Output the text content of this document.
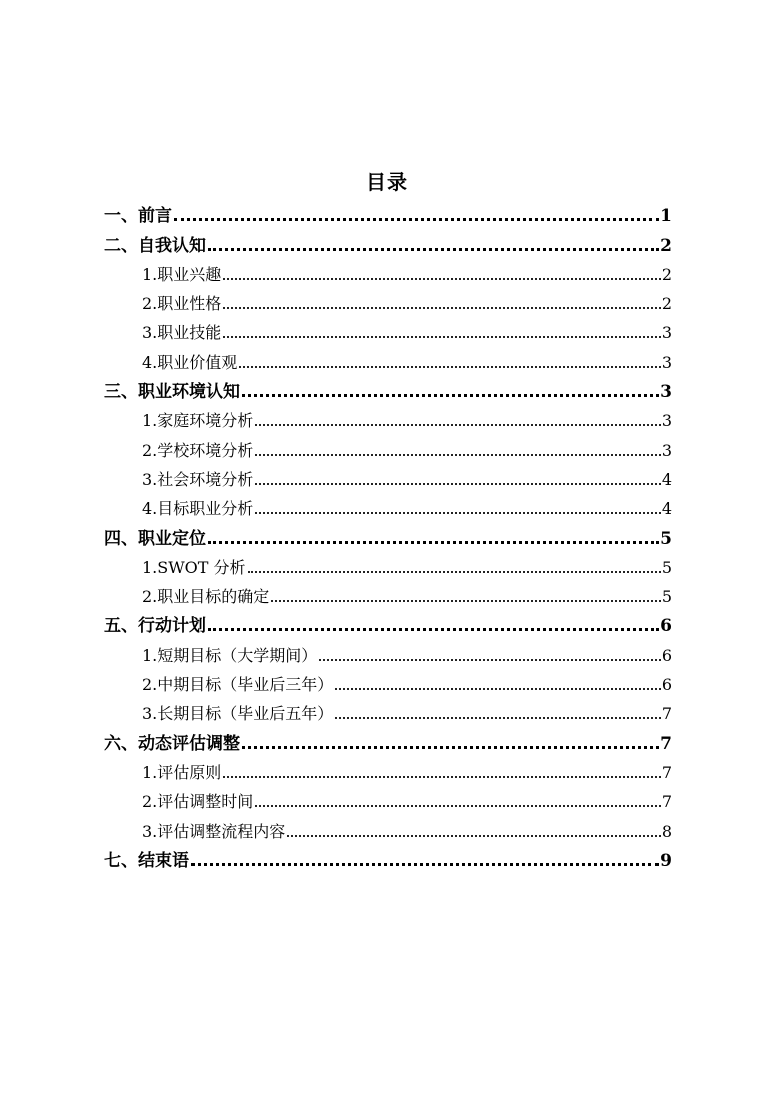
目录
一、前言	1
二、自我认知	2
1.职业兴趣	2
2.职业性格	2
3.职业技能	3
4.职业价值观	3
三、职业环境认知	3
1.家庭环境分析	3
2.学校环境分析	3
3.社会环境分析	4
4.目标职业分析	4
四、职业定位	5
1.SWOT 分析	5
2.职业目标的确定	5
五、行动计划	6
1.短期目标（大学期间）	6
2.中期目标（毕业后三年）	6
3.长期目标（毕业后五年）	7
六、动态评估调整	7
1.评估原则	7
2.评估调整时间	7
3.评估调整流程内容	8
七、结束语	9
